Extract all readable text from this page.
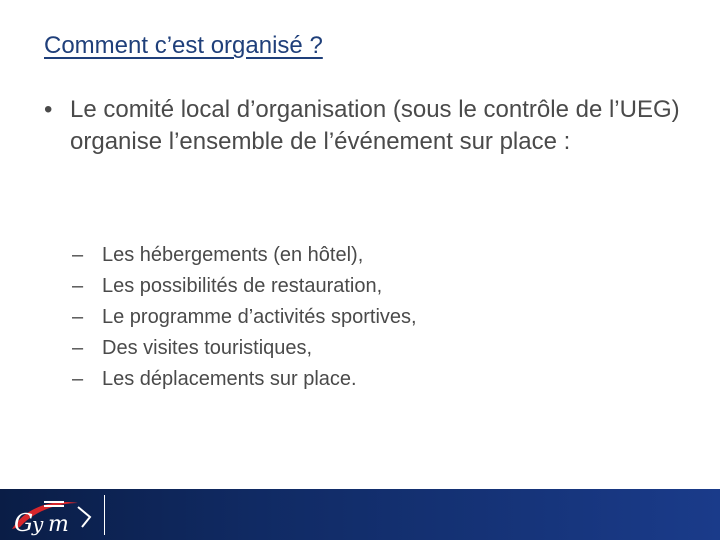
Comment c’est organisé ?
• Le comité local d’organisation (sous le contrôle de l’UEG) organise l’ensemble de l’événement sur place :
– Les hébergements (en hôtel),
– Les possibilités de restauration,
– Le programme d’activités sportives,
– Des visites touristiques,
– Les déplacements sur place.
G
y m
